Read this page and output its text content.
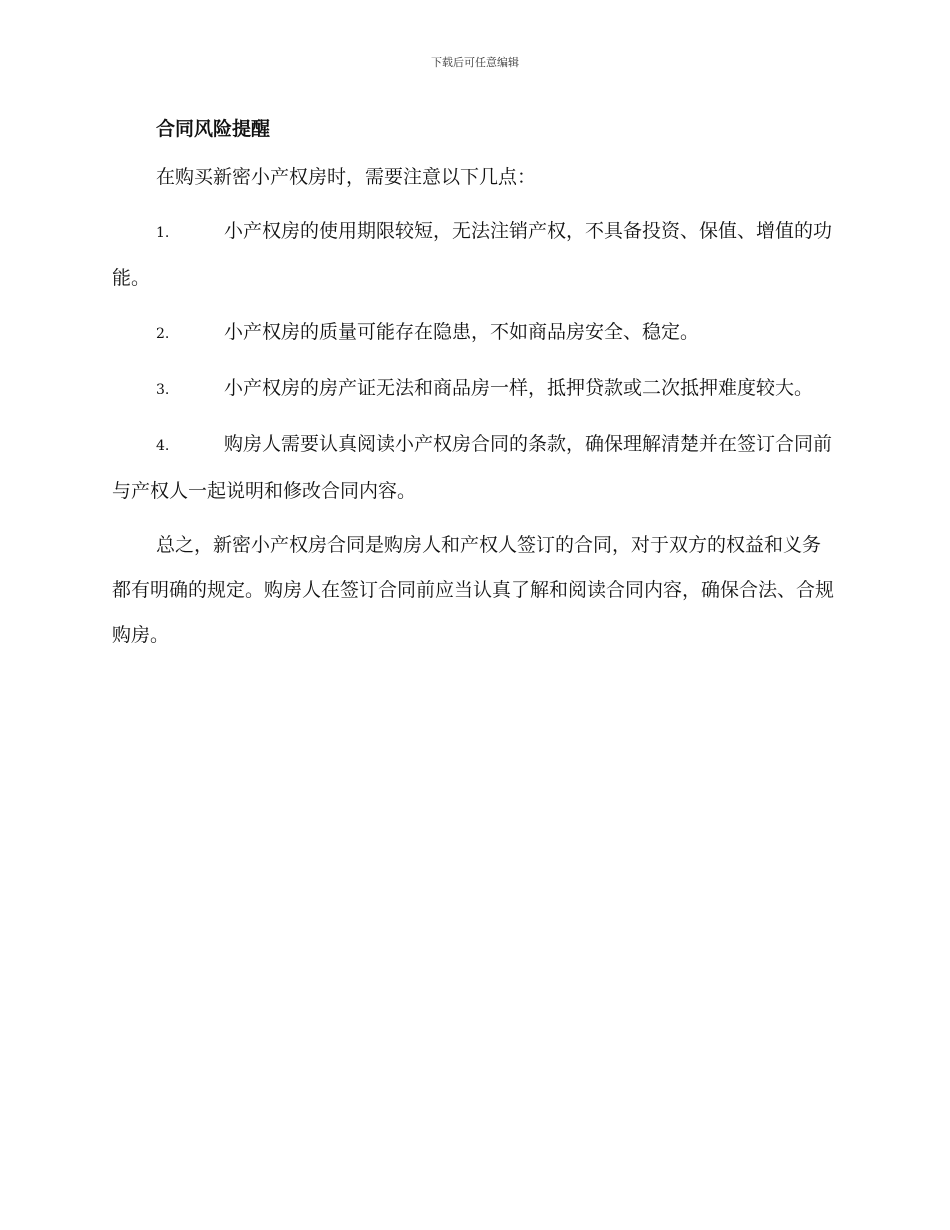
下载后可任意编辑
合同风险提醒

在购买新密小产权房时，需要注意以下几点：

1.	小产权房的使用期限较短，无法注销产权，不具备投资、保值、增值的功能。

2.	小产权房的质量可能存在隐患，不如商品房安全、稳定。

3.	小产权房的房产证无法和商品房一样，抵押贷款或二次抵押难度较大。

4.	购房人需要认真阅读小产权房合同的条款，确保理解清楚并在签订合同前与产权人一起说明和修改合同内容。

总之，新密小产权房合同是购房人和产权人签订的合同，对于双方的权益和义务都有明确的规定。购房人在签订合同前应当认真了解和阅读合同内容，确保合法、合规购房。
